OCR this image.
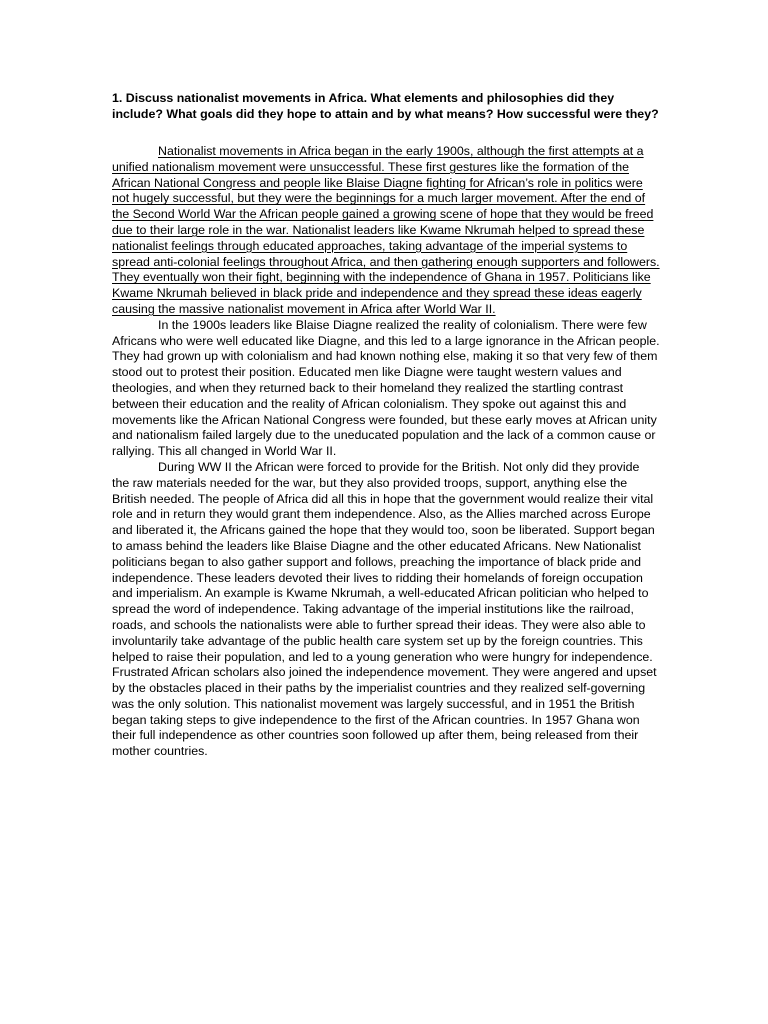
1. Discuss nationalist movements in Africa. What elements and philosophies did they include? What goals did they hope to attain and by what means? How successful were they?

Nationalist movements in Africa began in the early 1900s, although the first attempts at a unified nationalism movement were unsuccessful. These first gestures like the formation of the African National Congress and people like Blaise Diagne fighting for African’s role in politics were not hugely successful, but they were the beginnings for a much larger movement. After the end of the Second World War the African people gained a growing scene of hope that they would be freed due to their large role in the war. Nationalist leaders like Kwame Nkrumah helped to spread these nationalist feelings through educated approaches, taking advantage of the imperial systems to spread anti-colonial feelings throughout Africa, and then gathering enough supporters and followers. They eventually won their fight, beginning with the independence of Ghana in 1957. Politicians like Kwame Nkrumah believed in black pride and independence and they spread these ideas eagerly causing the massive nationalist movement in Africa after World War II.

In the 1900s leaders like Blaise Diagne realized the reality of colonialism. There were few Africans who were well educated like Diagne, and this led to a large ignorance in the African people. They had grown up with colonialism and had known nothing else, making it so that very few of them stood out to protest their position. Educated men like Diagne were taught western values and theologies, and when they returned back to their homeland they realized the startling contrast between their education and the reality of African colonialism. They spoke out against this and movements like the African National Congress were founded, but these early moves at African unity and nationalism failed largely due to the uneducated population and the lack of a common cause or rallying. This all changed in World War II.

During WW II the African were forced to provide for the British. Not only did they provide the raw materials needed for the war, but they also provided troops, support, anything else the British needed. The people of Africa did all this in hope that the government would realize their vital role and in return they would grant them independence. Also, as the Allies marched across Europe and liberated it, the Africans gained the hope that they would too, soon be liberated. Support began to amass behind the leaders like Blaise Diagne and the other educated Africans. New Nationalist politicians began to also gather support and follows, preaching the importance of black pride and independence. These leaders devoted their lives to ridding their homelands of foreign occupation and imperialism. An example is Kwame Nkrumah, a well-educated African politician who helped to spread the word of independence. Taking advantage of the imperial institutions like the railroad, roads, and schools the nationalists were able to further spread their ideas. They were also able to involuntarily take advantage of the public health care system set up by the foreign countries. This helped to raise their population, and led to a young generation who were hungry for independence. Frustrated African scholars also joined the independence movement. They were angered and upset by the obstacles placed in their paths by the imperialist countries and they realized self-governing was the only solution. This nationalist movement was largely successful, and in 1951 the British began taking steps to give independence to the first of the African countries. In 1957 Ghana won their full independence as other countries soon followed up after them, being released from their mother countries.
